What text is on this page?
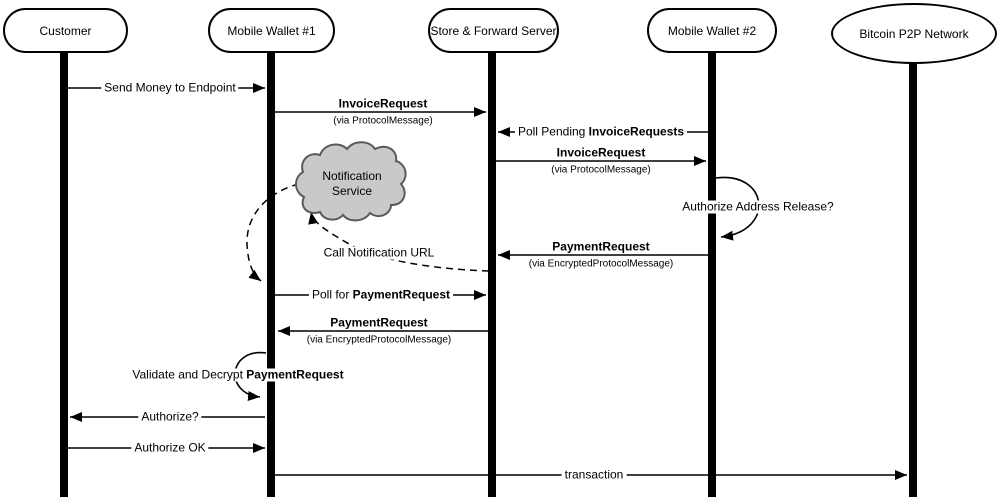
Notification
Service
Send Money to Endpoint
InvoiceRequest
(via ProtocolMessage)
Poll Pending InvoiceRequests
InvoiceRequest
(via ProtocolMessage)
Authorize Address Release?
PaymentRequest
(via EncryptedProtocolMessage)
Call Notification URL
Poll for PaymentRequest
PaymentRequest
(via EncryptedProtocolMessage)
Validate and Decrypt PaymentRequest
Authorize?
Authorize OK
transaction
Customer	Mobile Wallet #1	Store & Forward Server	Mobile Wallet #2	Bitcoin P2P Network
